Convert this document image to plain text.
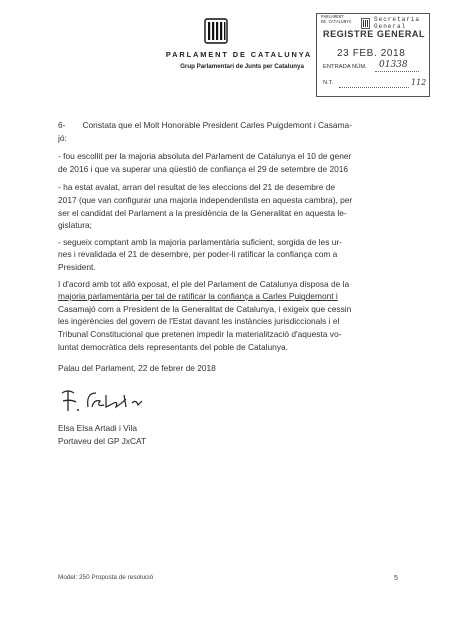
PARLAMENT DE CATALUNYA
Grup Parlamentari de Junts per Catalunya
PARLAMENT
DE CATALUNYA	Secretaria
General
REGISTRE GENERAL
23 FEB. 2018
ENTRADA NÚM. 01338
N.T.	112

6- Constata que el Molt Honorable President Carles Puigdemont i Casama-

jó:

- fou escollit per la majoria absoluta del Parlament de Catalunya el 10 de gener

de 2016 i que va superar una qüestió de confiança el 29 de setembre de 2016

- ha estat avalat, arran del resultat de les eleccions del 21 de desembre de

2017 (que van configurar una majoria independentista en aquesta cambra), per

ser el candidat del Parlament a la presidència de la Generalitat en aquesta le-

gislatura;

- segueix comptant amb la majoria parlamentària suficient, sorgida de les ur-

nes i revalidada el 21 de desembre, per poder-li ratificar la confiança com a

President.

I d'acord amb tot allò exposat, el ple del Parlament de Catalunya disposa de la

majoria parlamentària per tal de ratificar la confiança a Carles Puigdemont i

Casamajó com a President de la Generalitat de Catalunya, i exigeix que cessin

les ingerències del govern de l'Estat davant les instàncies jurisdiccionals i el

Tribunal Constitucional que pretenen impedir la materialització d'aquesta vo-

luntat democràtica dels representants del poble de Catalunya.

Palau del Parlament, 22 de febrer de 2018
Elsa Elsa Artadi i Vila
Portaveu del GP JxCAT
Model: 250 Proposta de resolució	5
